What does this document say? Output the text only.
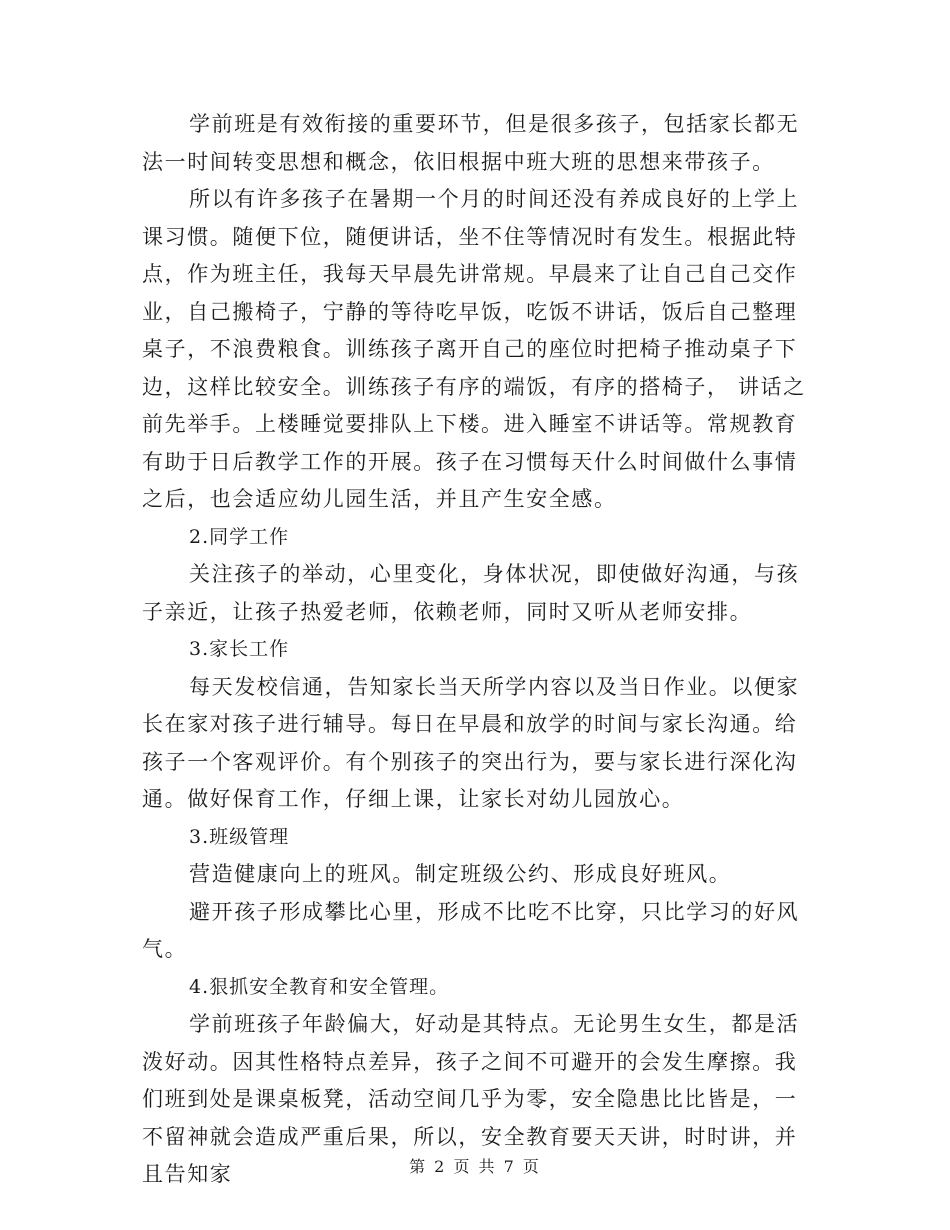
学前班是有效衔接的重要环节，但是很多孩子，包括家长都无法一时间转变思想和概念，依旧根据中班大班的思想来带孩子。

所以有许多孩子在暑期一个月的时间还没有养成良好的上学上课习惯。随便下位，随便讲话，坐不住等情况时有发生。根据此特点，作为班主任，我每天早晨先讲常规。早晨来了让自己自己交作业，自己搬椅子，宁静的等待吃早饭，吃饭不讲话，饭后自己整理桌子，不浪费粮食。训练孩子离开自己的座位时把椅子推动桌子下边，这样比较安全。训练孩子有序的端饭，有序的搭椅子， 讲话之前先举手。上楼睡觉要排队上下楼。进入睡室不讲话等。常规教育有助于日后教学工作的开展。孩子在习惯每天什么时间做什么事情之后，也会适应幼儿园生活，并且产生安全感。

2.同学工作

关注孩子的举动，心里变化，身体状况，即使做好沟通，与孩子亲近，让孩子热爱老师，依赖老师，同时又听从老师安排。

3.家长工作

每天发校信通，告知家长当天所学内容以及当日作业。以便家长在家对孩子进行辅导。每日在早晨和放学的时间与家长沟通。给孩子一个客观评价。有个别孩子的突出行为，要与家长进行深化沟通。做好保育工作，仔细上课，让家长对幼儿园放心。

3.班级管理

营造健康向上的班风。制定班级公约、形成良好班风。

避开孩子形成攀比心里，形成不比吃不比穿，只比学习的好风气。

4.狠抓安全教育和安全管理。

学前班孩子年龄偏大，好动是其特点。无论男生女生，都是活泼好动。因其性格特点差异，孩子之间不可避开的会发生摩擦。我们班到处是课桌板凳，活动空间几乎为零，安全隐患比比皆是，一不留神就会造成严重后果，所以，安全教育要天天讲，时时讲，并且告知家	第 2 页 共 7 页
